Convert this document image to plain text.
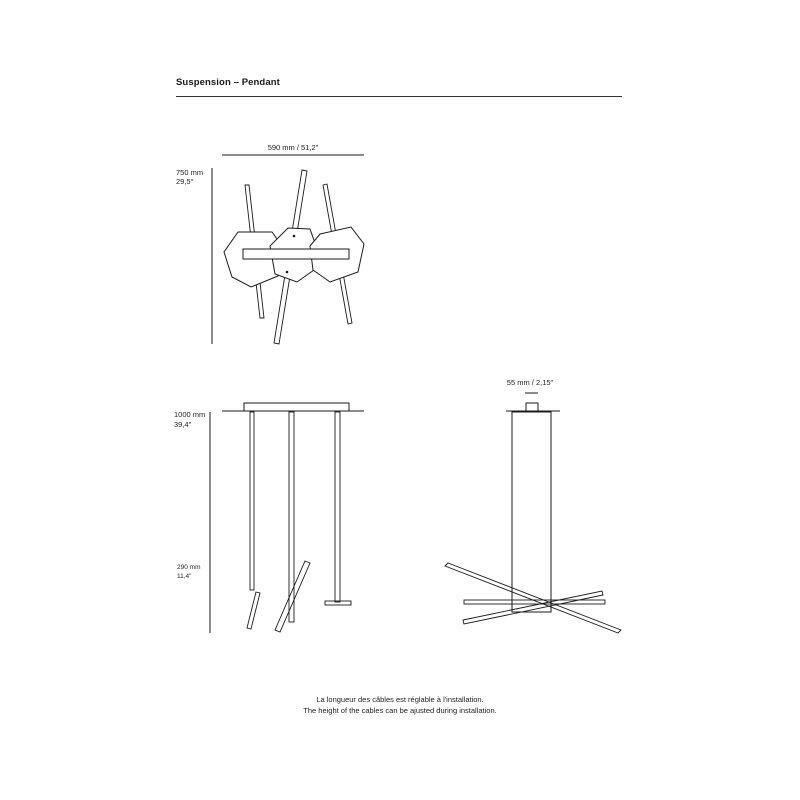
Suspension – Pendant
590 mm / 51,2"
750 mm
29,5"
1000 mm
39,4"
290 mm
11,4"
55 mm / 2,15"
La longueur des câbles est réglable à l'installation.
The height of the cables can be ajusted during installation.
